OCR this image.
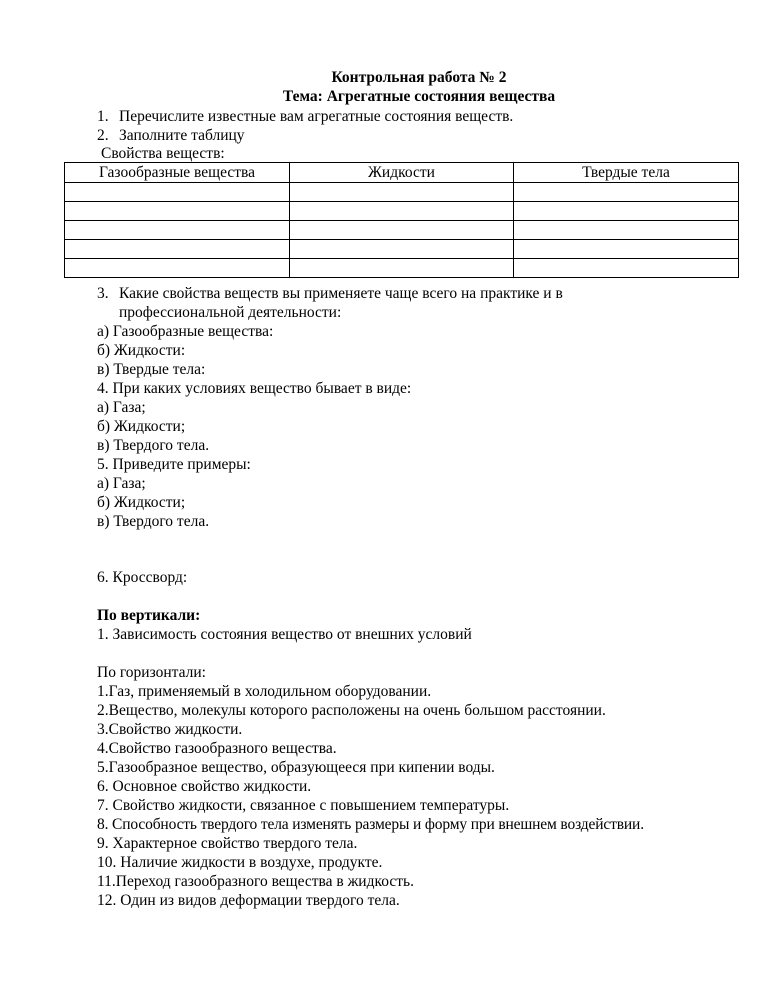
Контрольная работа № 2
Тема: Агрегатные состояния вещества
1. Перечислите известные вам агрегатные состояния веществ.
2. Заполните таблицу
Свойства веществ:
Газообразные вещества	Жидкости	Твердые тела

3. Какие свойства веществ вы применяете чаще всего на практике и в
профессиональной деятельности:
а) Газообразные вещества:
б) Жидкости:
в) Твердые тела:
4. При каких условиях вещество бывает в виде:
а) Газа;
б) Жидкости;
в) Твердого тела.
5. Приведите примеры:
а) Газа;
б) Жидкости;
в) Твердого тела.
6. Кроссворд:
По вертикали:
1. Зависимость состояния вещество от внешних условий
По горизонтали:
1.Газ, применяемый в холодильном оборудовании.
2.Вещество, молекулы которого расположены на очень большом расстоянии.
3.Свойство жидкости.
4.Свойство газообразного вещества.
5.Газообразное вещество, образующееся при кипении воды.
6. Основное свойство жидкости.
7. Свойство жидкости, связанное с повышением температуры.
8. Способность твердого тела изменять размеры и форму при внешнем воздействии.
9. Характерное свойство твердого тела.
10. Наличие жидкости в воздухе, продукте.
11.Переход газообразного вещества в жидкость.
12. Один из видов деформации твердого тела.
